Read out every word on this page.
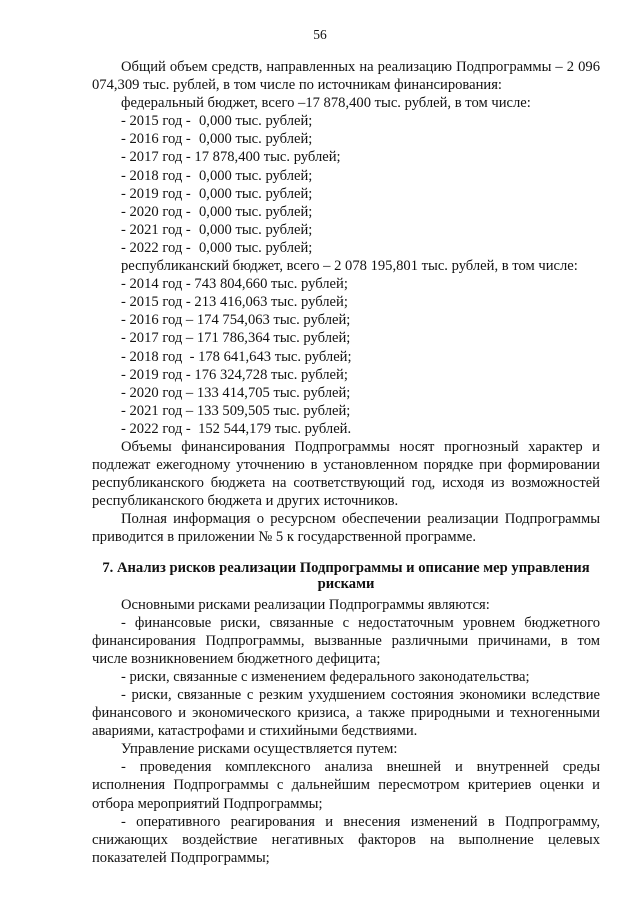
56

Общий объем средств, направленных на реализацию Подпрограммы – 2 096 074,309 тыс. рублей, в том числе по источникам финансирования:

федеральный бюджет, всего –17 878,400 тыс. рублей, в том числе:

- 2015 год - 0,000 тыс. рублей;

- 2016 год - 0,000 тыс. рублей;

- 2017 год - 17 878,400 тыс. рублей;

- 2018 год - 0,000 тыс. рублей;

- 2019 год - 0,000 тыс. рублей;

- 2020 год - 0,000 тыс. рублей;

- 2021 год - 0,000 тыс. рублей;

- 2022 год - 0,000 тыс. рублей;

республиканский бюджет, всего – 2 078 195,801 тыс. рублей, в том числе:

- 2014 год - 743 804,660 тыс. рублей;

- 2015 год - 213 416,063 тыс. рублей;

- 2016 год – 174 754,063 тыс. рублей;

- 2017 год – 171 786,364 тыс. рублей;

- 2018 год  - 178 641,643 тыс. рублей;

- 2019 год - 176 324,728 тыс. рублей;

- 2020 год – 133 414,705 тыс. рублей;

- 2021 год – 133 509,505 тыс. рублей;

- 2022 год -  152 544,179 тыс. рублей.

Объемы финансирования Подпрограммы носят прогнозный характер и подлежат ежегодному уточнению в установленном порядке при формировании республиканского бюджета на соответствующий год, исходя из возможностей республиканского бюджета и других источников.

Полная информация о ресурсном обеспечении реализации Подпрограммы приводится в приложении № 5 к государственной программе.

7. Анализ рисков реализации Подпрограммы и описание мер управления рисками

Основными рисками реализации Подпрограммы являются:

- финансовые риски, связанные с недостаточным уровнем бюджетного финансирования Подпрограммы, вызванные различными причинами, в том числе возникновением бюджетного дефицита;

- риски, связанные с изменением федерального законодательства;

- риски, связанные с резким ухудшением состояния экономики вследствие финансового и экономического кризиса, а также природными и техногенными авариями, катастрофами и стихийными бедствиями.

Управление рисками осуществляется путем:

- проведения комплексного анализа внешней и внутренней среды исполнения Подпрограммы с дальнейшим пересмотром критериев оценки и отбора мероприятий Подпрограммы;

- оперативного реагирования и внесения изменений в Подпрограмму, снижающих воздействие негативных факторов на выполнение целевых показателей Подпрограммы;
